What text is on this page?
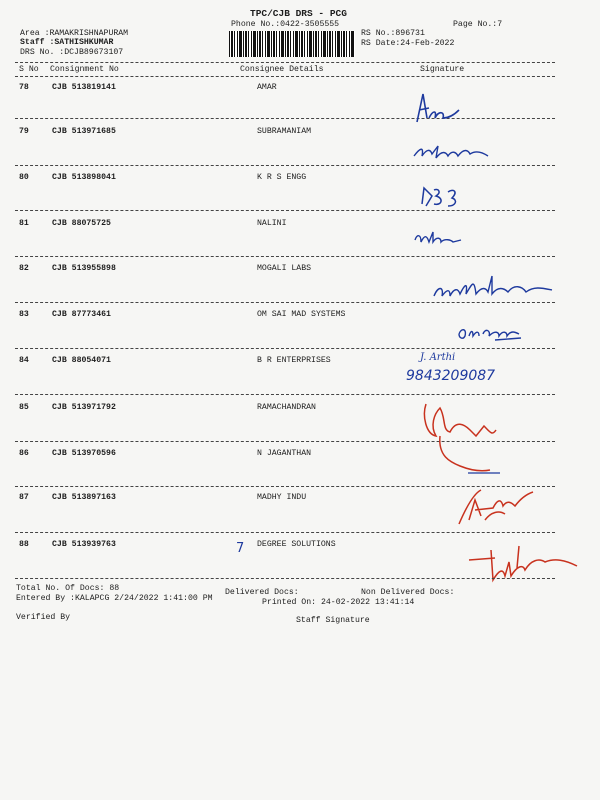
TPC/CJB DRS - PCG
Phone No.:0422-3505555	Page No.:7
Area :RAMAKRISHNAPURAM
Staff :SATHISHKUMAR
DRS No. :DCJB89673107
RS No.:896731
RS Date:24-Feb-2022
S No Consignment No	Consignee Details	Signature
78	CJB 513819141	AMAR
79	CJB 513971685	SUBRAMANIAM
80	CJB 513898041	K R S ENGG
81	CJB 88075725	NALINI
82	CJB 513955898	MOGALI LABS
83	CJB 87773461	OM SAI MAD SYSTEMS
84	CJB 88054071	B R ENTERPRISES
85	CJB 513971792	RAMACHANDRAN
86	CJB 513970596	N JAGANTHAN
87	CJB 513897163	MADHY INDU
88	CJB 513939763	DEGREE SOLUTIONS
7
J. Arthi
9843209087
Total No. Of Docs: 88	Delivered Docs:	Non Delivered Docs:
Entered By :KALAPCG 2/24/2022 1:41:00 PM	Printed On: 24-02-2022 13:41:14
Verified By	Staff Signature
